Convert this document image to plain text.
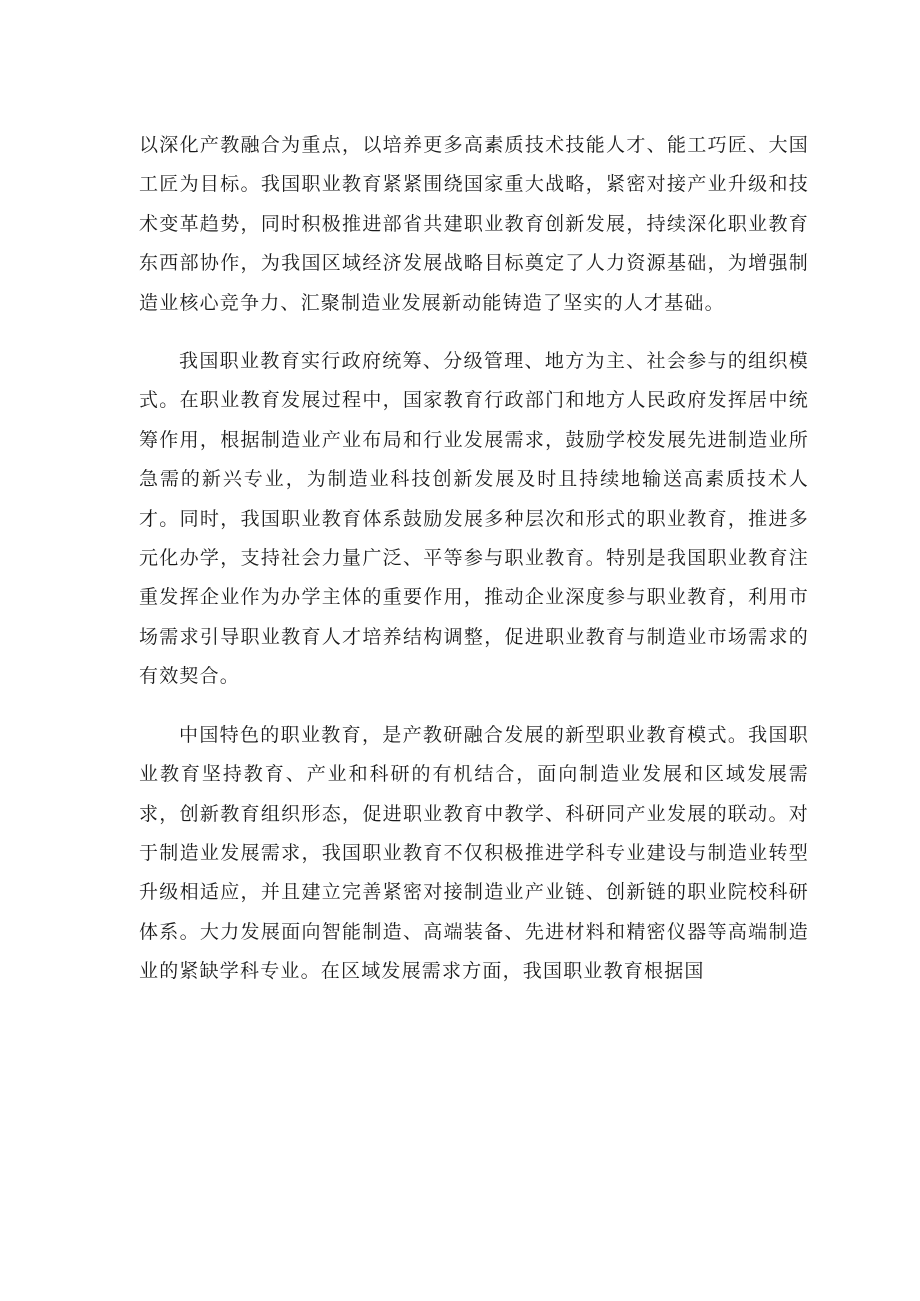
以深化产教融合为重点，以培养更多高素质技术技能人才、能工巧匠、大国工匠为目标。我国职业教育紧紧围绕国家重大战略，紧密对接产业升级和技术变革趋势，同时积极推进部省共建职业教育创新发展，持续深化职业教育东西部协作，为我国区域经济发展战略目标奠定了人力资源基础，为增强制造业核心竞争力、汇聚制造业发展新动能铸造了坚实的人才基础。

我国职业教育实行政府统筹、分级管理、地方为主、社会参与的组织模式。在职业教育发展过程中，国家教育行政部门和地方人民政府发挥居中统筹作用，根据制造业产业布局和行业发展需求，鼓励学校发展先进制造业所急需的新兴专业，为制造业科技创新发展及时且持续地输送高素质技术人才。同时，我国职业教育体系鼓励发展多种层次和形式的职业教育，推进多元化办学，支持社会力量广泛、平等参与职业教育。特别是我国职业教育注重发挥企业作为办学主体的重要作用，推动企业深度参与职业教育，利用市场需求引导职业教育人才培养结构调整，促进职业教育与制造业市场需求的有效契合。

中国特色的职业教育，是产教研融合发展的新型职业教育模式。我国职业教育坚持教育、产业和科研的有机结合，面向制造业发展和区域发展需求，创新教育组织形态，促进职业教育中教学、科研同产业发展的联动。对于制造业发展需求，我国职业教育不仅积极推进学科专业建设与制造业转型升级相适应，并且建立完善紧密对接制造业产业链、创新链的职业院校科研体系。大力发展面向智能制造、高端装备、先进材料和精密仪器等高端制造业的紧缺学科专业。在区域发展需求方面，我国职业教育根据国
